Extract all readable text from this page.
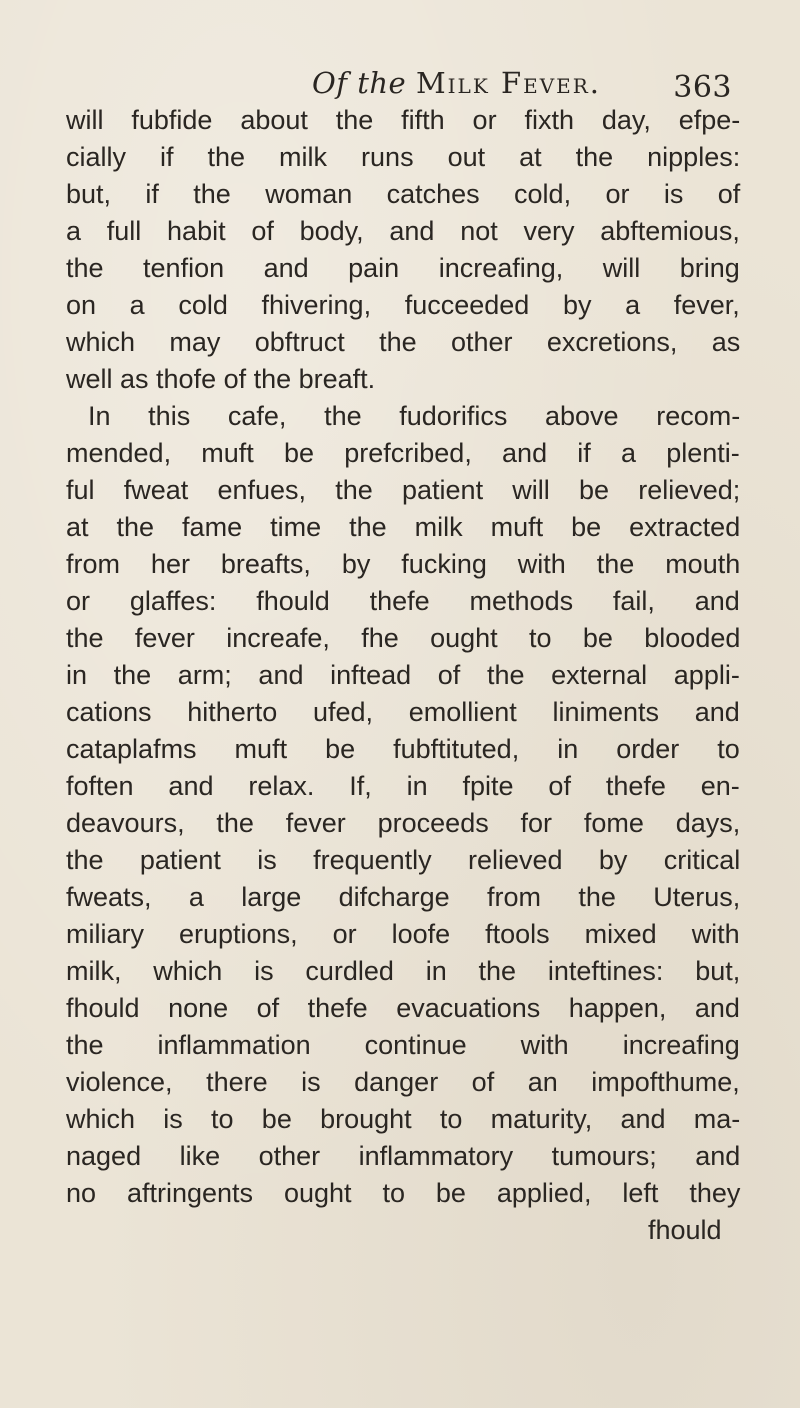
Of the Milk Fever. 363
will fubfide about the fifth or fixth day, efpe-
cially if the milk runs out at the nipples:
but, if the woman catches cold, or is of
a full habit of body, and not very abftemious,
the tenfion and pain increafing, will bring
on a cold fhivering, fucceeded by a fever,
which may obftruct the other excretions, as
well as thofe of the breaft.
In this cafe, the fudorifics above recom-
mended, muft be prefcribed, and if a plenti-
ful fweat enfues, the patient will be relieved;
at the fame time the milk muft be extracted
from her breafts, by fucking with the mouth
or glaffes: fhould thefe methods fail, and
the fever increafe, fhe ought to be blooded
in the arm; and inftead of the external appli-
cations hitherto ufed, emollient liniments and
cataplafms muft be fubftituted, in order to
foften and relax. If, in fpite of thefe en-
deavours, the fever proceeds for fome days,
the patient is frequently relieved by critical
fweats, a large difcharge from the Uterus,
miliary eruptions, or loofe ftools mixed with
milk, which is curdled in the inteftines: but,
fhould none of thefe evacuations happen, and
the inflammation continue with increafing
violence, there is danger of an impofthume,
which is to be brought to maturity, and ma-
naged like other inflammatory tumours; and
no aftringents ought to be applied, left they
fhould
